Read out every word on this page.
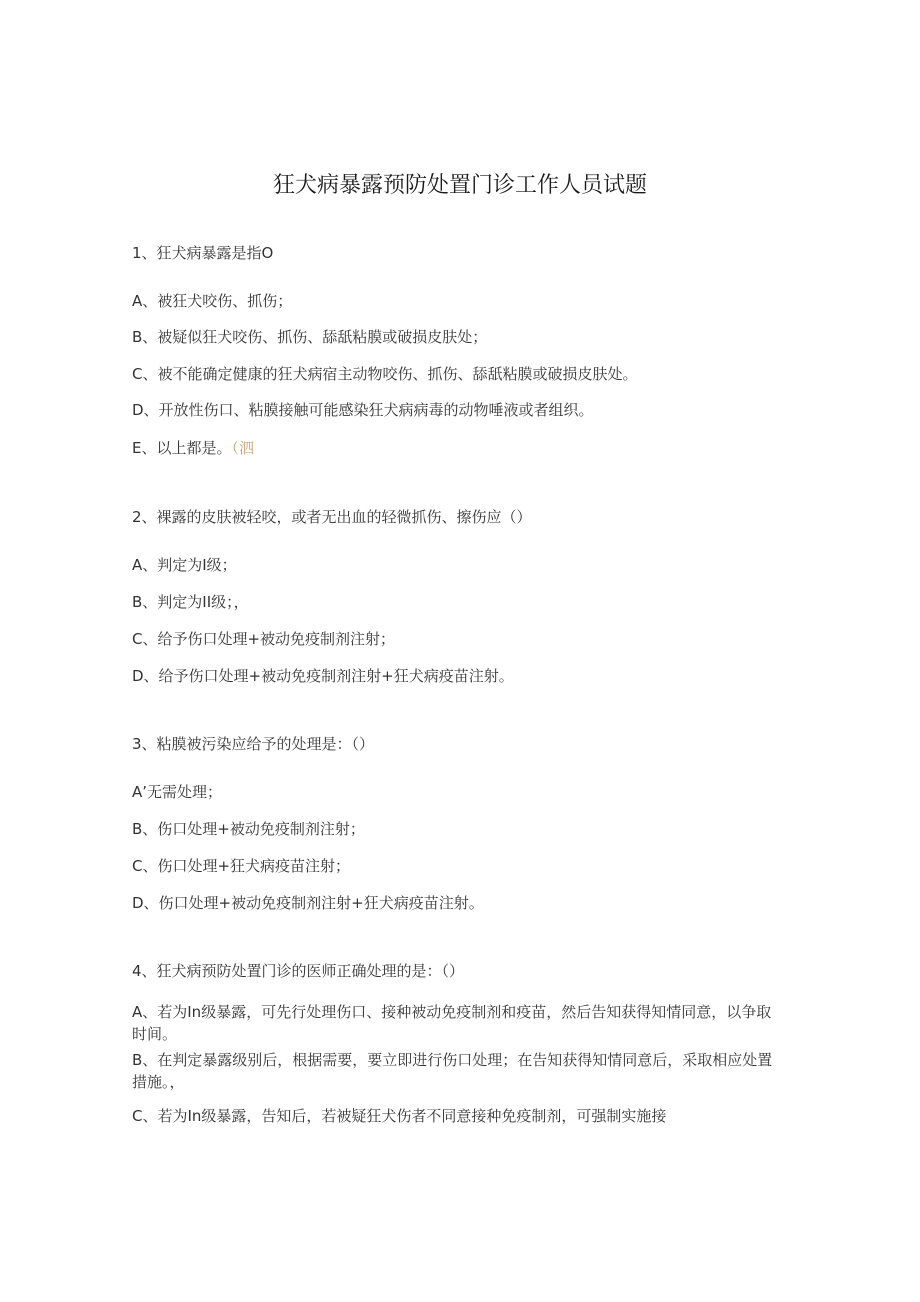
狂犬病暴露预防处置门诊工作人员试题

1、狂犬病暴露是指O

A、被狂犬咬伤、抓伤；

B、被疑似狂犬咬伤、抓伤、舔舐粘膜或破损皮肤处；

C、被不能确定健康的狂犬病宿主动物咬伤、抓伤、舔舐粘膜或破损皮肤处。

D、开放性伤口、粘膜接触可能感染狂犬病病毒的动物唾液或者组织。

E、以上都是。（泗

2、裸露的皮肤被轻咬，或者无出血的轻微抓伤、擦伤应（）

A、判定为I级；

B、判定为II级；，

C、给予伤口处理+被动免疫制剂注射；

D、给予伤口处理+被动免疫制剂注射+狂犬病疫苗注射。

3、粘膜被污染应给予的处理是：（）

A’无需处理；

B、伤口处理+被动免疫制剂注射；

C、伤口处理+狂犬病疫苗注射；

D、伤口处理+被动免疫制剂注射+狂犬病疫苗注射。

4、狂犬病预防处置门诊的医师正确处理的是：（）

A、若为In级暴露，可先行处理伤口、接种被动免疫制剂和疫苗，然后告知获得知情同意，以争取时间。

B、在判定暴露级别后，根据需要，要立即进行伤口处理；在告知获得知情同意后，采取相应处置措施。，

C、若为In级暴露，告知后，若被疑狂犬伤者不同意接种免疫制剂，可强制实施接
